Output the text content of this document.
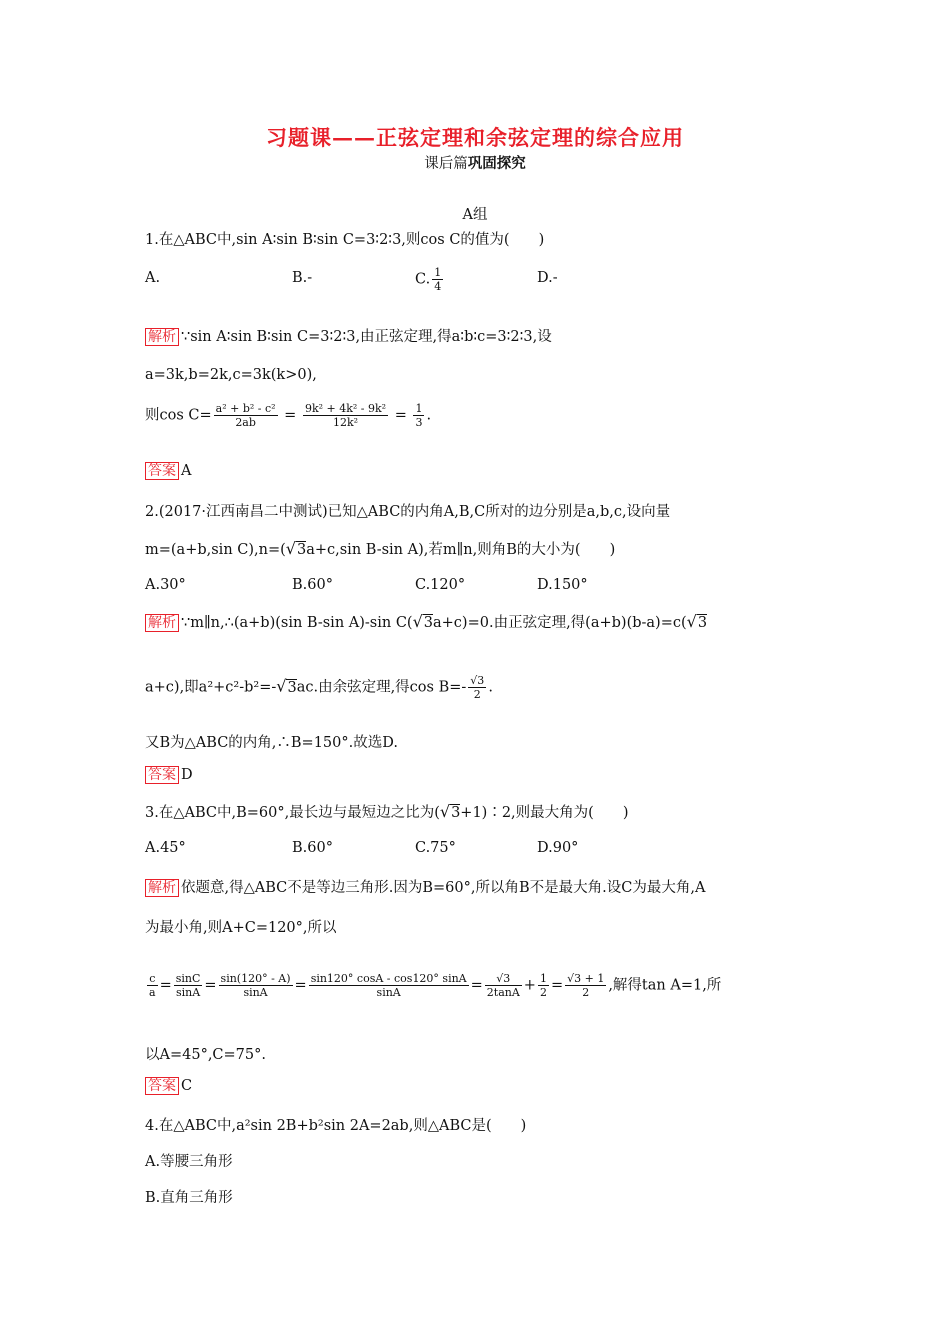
习题课——正弦定理和余弦定理的综合应用
课后篇巩固探究
A组
1.在△ABC中,sin A∶sin B∶sin C=3∶2∶3,则cos C的值为(　　)
A.	B.-	C. $\frac{1}{4}$	D.-
解析 ∵sin A∶sin B∶sin C=3∶2∶3,由正弦定理,得a∶b∶c=3∶2∶3,设
a=3k,b=2k,c=3k(k>0),
则$\cos C= \frac{\text{a² + b² - c²}}{2ab} = \frac{\text{9k² + 4k² - 9k²}}{\text{12k²}} = \frac{1}{3}$ .
答案 A
2.(2017·江西南昌二中测试)已知△ABC的内角A,B,C所对的边分别是a,b,c,设向量
m=(a+b,sin C),n=(√3a+c,sin B-sin A),若m∥n,则角B的大小为(　　)
A.30°	B.60°	C.120°	D.150°
解析 ∵m∥n,∴(a+b)(sin B-sin A)-sin C(√3a+c)=0.由正弦定理,得(a+b)(b-a)=c(√3
a+c),即a²+c²-b²=-√3ac.由余弦定理,得$\cos B=- \frac{√3}{2}$ .
又B为△ABC的内角,∴B=150°.故选D.
答案 D
3.在△ABC中,B=60°,最长边与最短边之比为(√3+1)∶2,则最大角为(　　)
A.45°	B.60°	C.75°	D.90°
解析 依题意,得△ABC不是等边三角形.因为B=60°,所以角B不是最大角.设C为最大角,A
为最小角,则A+C=120°,所以
$\frac{c}{a} = \frac{\sin C}{\sin A} = \frac{\sin(120^\circ - A)}{\sin A} = \frac{\sin 120^\circ \cos A - \cos 120^\circ \sin A}{\sin A} = \frac{√3}{2\tan A} + \frac{1}{2} = \frac{√3 + 1}{2}$ ,解得tan A=1,所
以A=45°,C=75°.
答案 C
4.在△ABC中,a²sin 2B+b²sin 2A=2ab,则△ABC是(　　)
A.等腰三角形
B.直角三角形
